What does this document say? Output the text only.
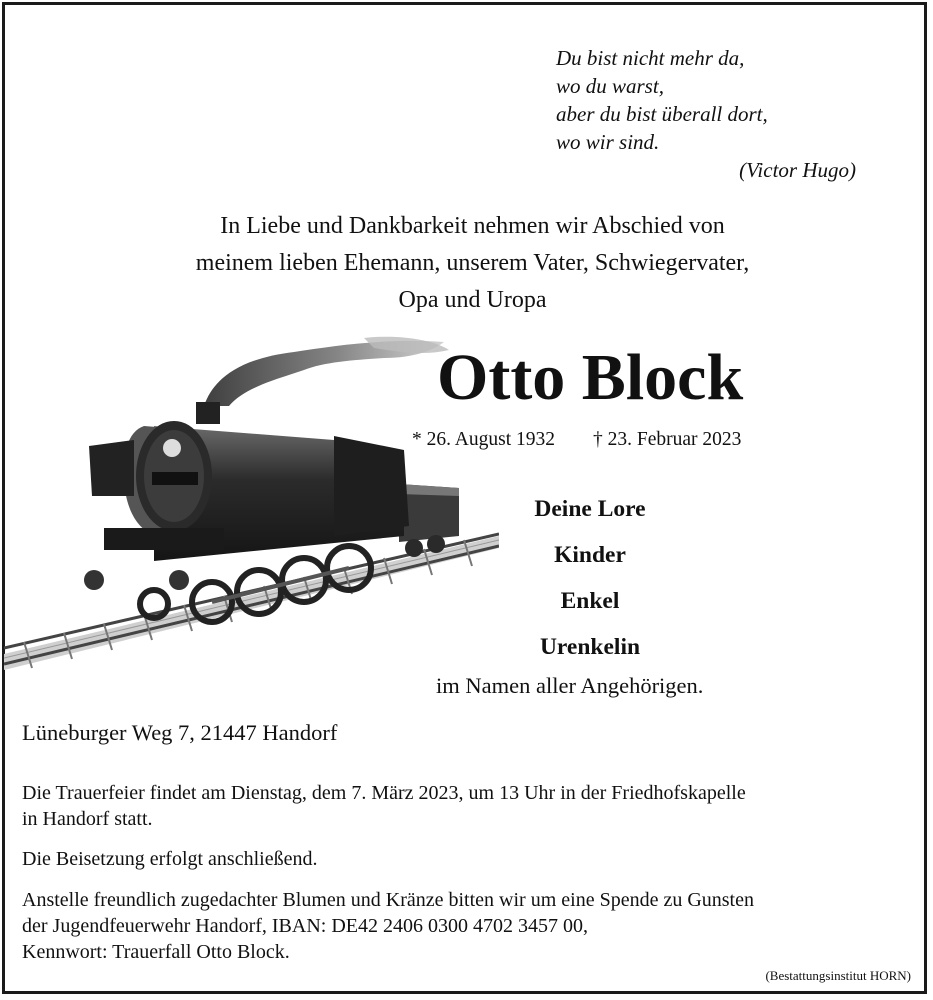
Du bist nicht mehr da,
wo du warst,
aber du bist überall dort,
wo wir sind.
(Victor Hugo)
In Liebe und Dankbarkeit nehmen wir Abschied von
meinem lieben Ehemann, unserem Vater, Schwiegervater,
Opa und Uropa
Otto Block
* 26. August 1932 † 23. Februar 2023
Deine Lore
Kinder
Enkel
Urenkelin
im Namen aller Angehörigen.
Lüneburger Weg 7, 21447 Handorf
Die Trauerfeier findet am Dienstag, dem 7. März 2023, um 13 Uhr in der Friedhofskapelle
in Handorf statt.
Die Beisetzung erfolgt anschließend.
Anstelle freundlich zugedachter Blumen und Kränze bitten wir um eine Spende zu Gunsten
der Jugendfeuerwehr Handorf, IBAN: DE42 2406 0300 4702 3457 00,
Kennwort: Trauerfall Otto Block.
(Bestattungsinstitut HORN)
